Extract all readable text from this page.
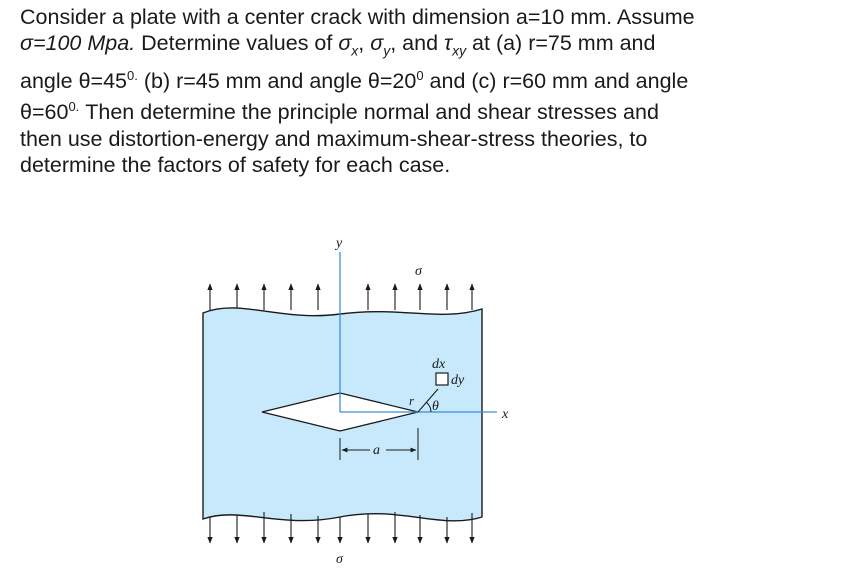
Consider a plate with a center crack with dimension a=10 mm. Assume
σ=100 Mpa. Determine values of $\sigma_x$, $\sigma_y$, and $\tau_{xy}$ at (a) r=75 mm and
angle $\theta=45^{0.}$ (b) r=45 mm and angle $\theta=20^0$ and (c) r=60 mm and angle
$\theta=60^{0.}$ Then determine the principle normal and shear stresses and
then use distortion-energy and maximum-shear-stress theories, to
determine the factors of safety for each case.
y
x
σ
σ
dx
dy
r θ
a
